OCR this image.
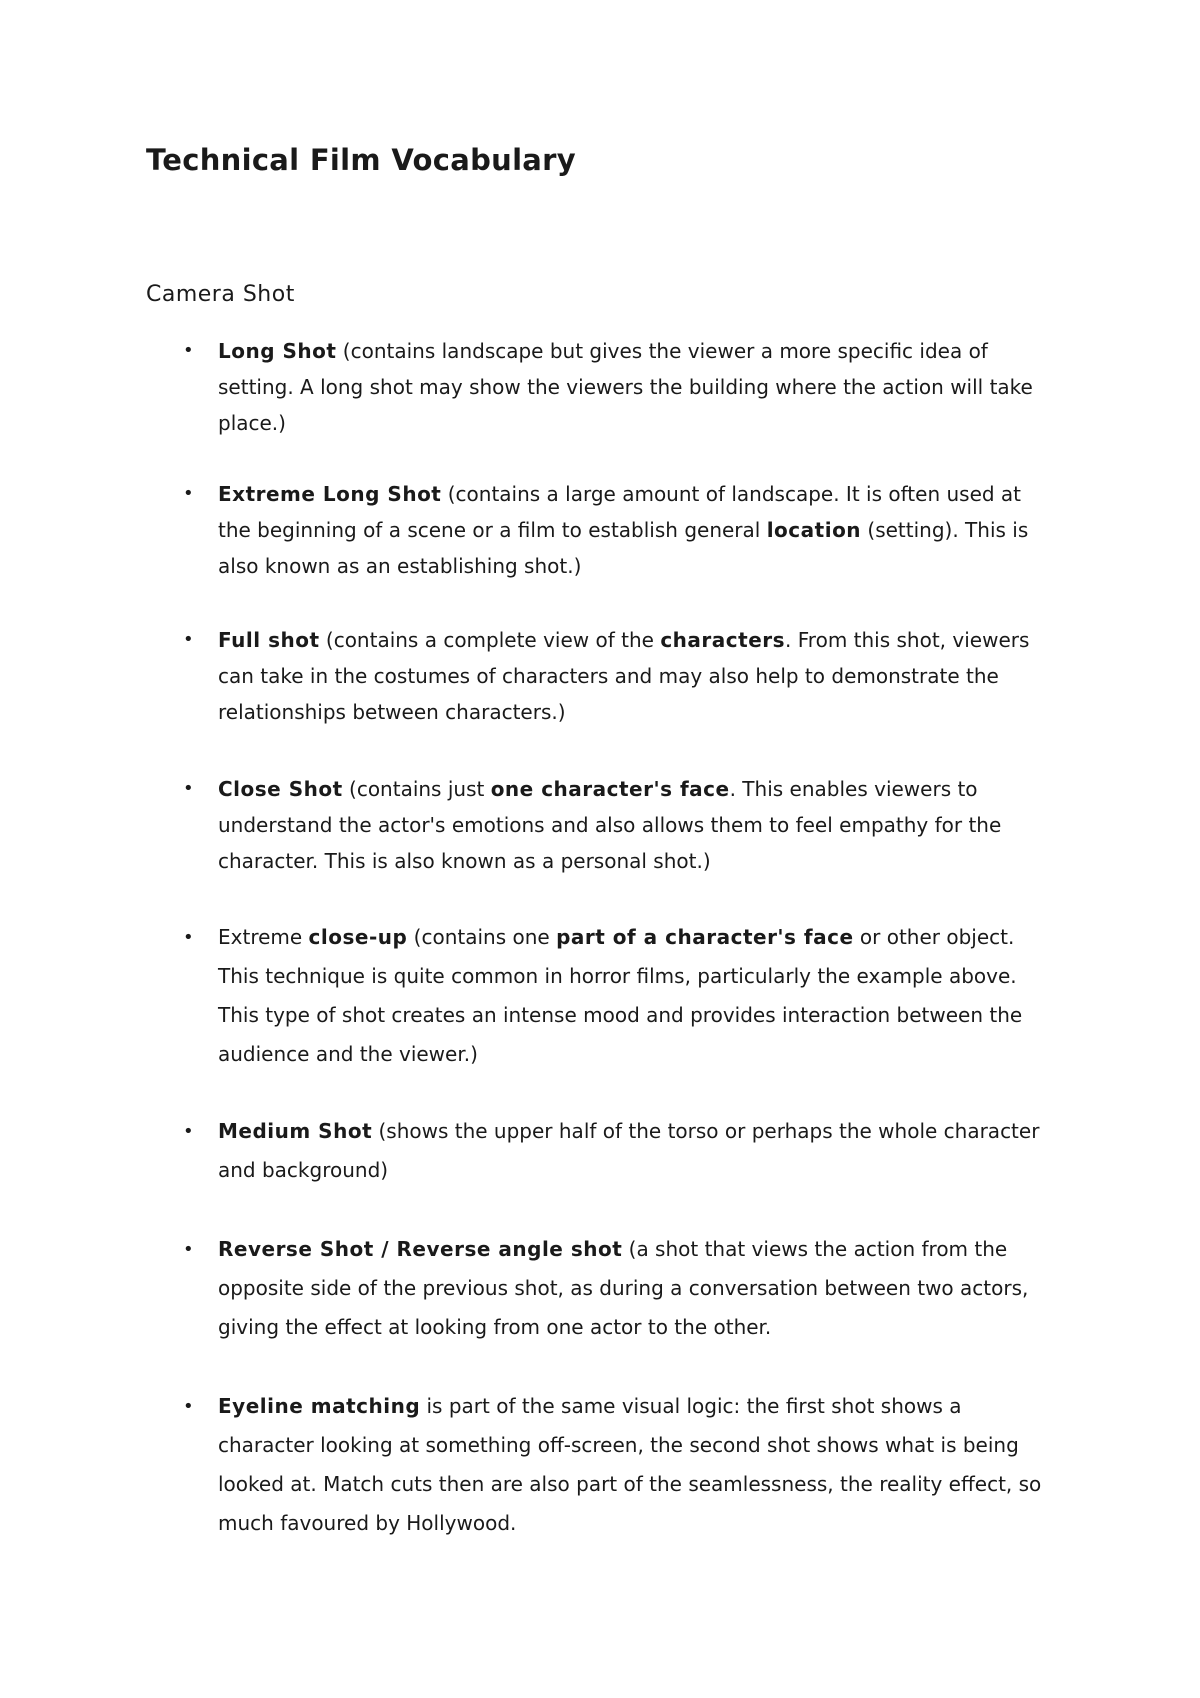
Technical Film Vocabulary
Camera Shot
• Long Shot (contains landscape but gives the viewer a more specific idea of setting. A long shot may show the viewers the building where the action will take place.)
• Extreme Long Shot (contains a large amount of landscape. It is often used at the beginning of a scene or a film to establish general location (setting). This is also known as an establishing shot.)
• Full shot (contains a complete view of the characters. From this shot, viewers can take in the costumes of characters and may also help to demonstrate the relationships between characters.)
• Close Shot (contains just one character's face. This enables viewers to understand the actor's emotions and also allows them to feel empathy for the character. This is also known as a personal shot.)
• Extreme close-up (contains one part of a character's face or other object. This technique is quite common in horror films, particularly the example above. This type of shot creates an intense mood and provides interaction between the audience and the viewer.)
• Medium Shot (shows the upper half of the torso or perhaps the whole character and background)
• Reverse Shot / Reverse angle shot (a shot that views the action from the opposite side of the previous shot, as during a conversation between two actors, giving the effect at looking from one actor to the other.
• Eyeline matching is part of the same visual logic: the first shot shows a character looking at something off-screen, the second shot shows what is being looked at. Match cuts then are also part of the seamlessness, the reality effect, so much favoured by Hollywood.
